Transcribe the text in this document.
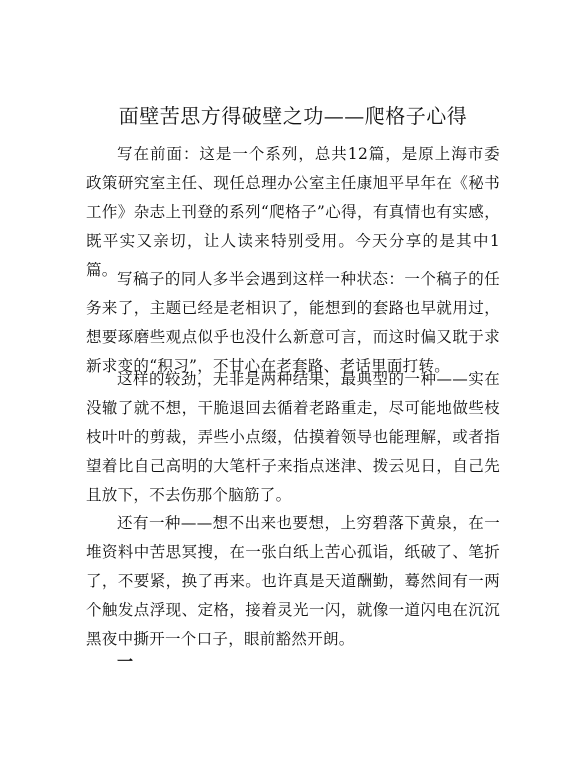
面壁苦思方得破壁之功——爬格子心得

写在前面：这是一个系列，总共12篇，是原上海市委政策研究室主任、现任总理办公室主任康旭平早年在《秘书工作》杂志上刊登的系列“爬格子”心得，有真情也有实感，既平实又亲切，让人读来特别受用。今天分享的是其中1篇。 写稿子的同人多半会遇到这样一种状态：一个稿子的任务来了，主题已经是老相识了，能想到的套路也早就用过，想要琢磨些观点似乎也没什么新意可言，而这时偏又耽于求新求变的“积习”，不甘心在老套路、老话里面打转。

这样的较劲，无非是两种结果，最典型的一种——实在没辙了就不想，干脆退回去循着老路重走，尽可能地做些枝枝叶叶的剪裁，弄些小点缀，估摸着领导也能理解，或者指望着比自己高明的大笔杆子来指点迷津、拨云见日，自己先且放下，不去伤那个脑筋了。

还有一种——想不出来也要想，上穷碧落下黄泉，在一堆资料中苦思冥搜，在一张白纸上苦心孤诣，纸破了、笔折了，不要紧，换了再来。也许真是天道酬勤，蓦然间有一两个触发点浮现、定格，接着灵光一闪，就像一道闪电在沉沉黑夜中撕开一个口子，眼前豁然开朗。

一
